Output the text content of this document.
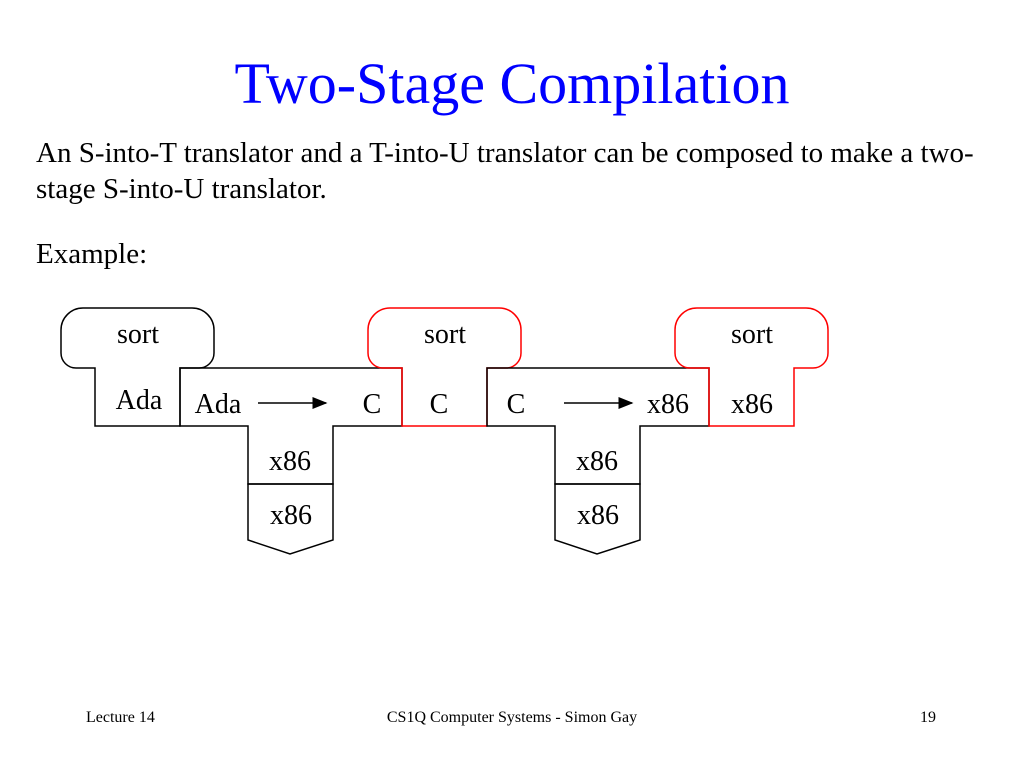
Two-Stage Compilation
An S-into-T translator and a T-into-U translator can be composed to make a two-stage S-into-U translator.
Example:
sort
Ada Ada	C
x86
x86
sort
C C	x86
x86
x86
sort
x86
Lecture 14	CS1Q Computer Systems - Simon Gay	19
